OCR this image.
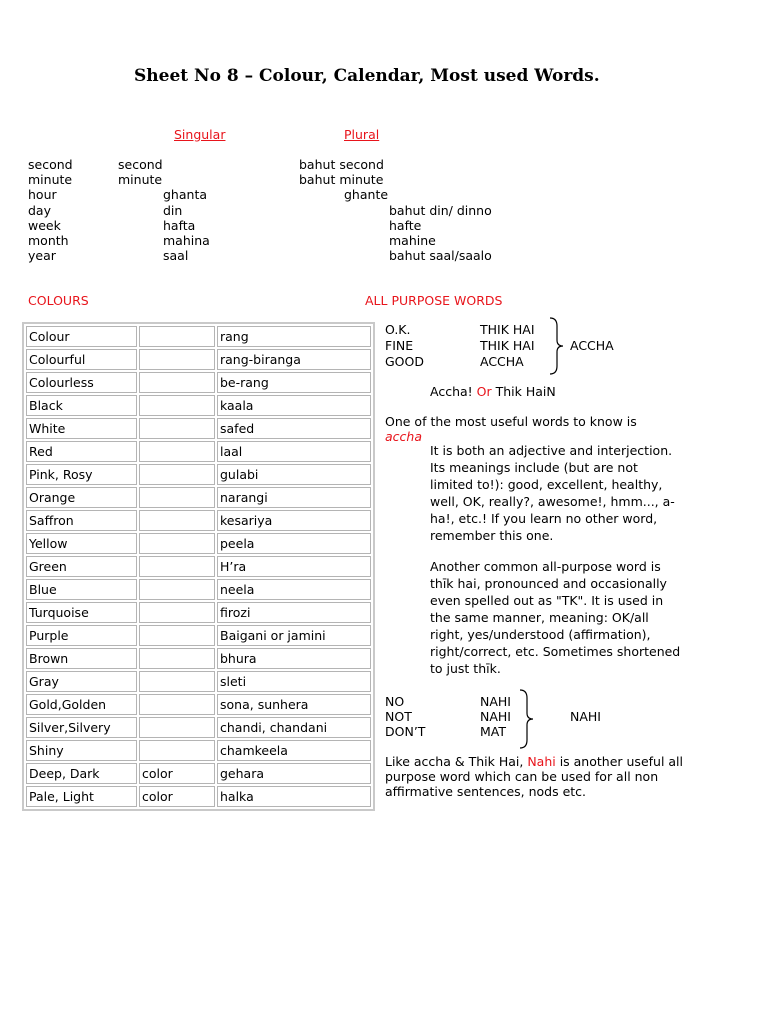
Sheet No 8 – Colour, Calendar, Most used Words.
Singular	Plural
second	second	bahut second
minute	minute	bahut minute
hour	ghanta	ghante
day	din	bahut din/ dinno
week	hafta	hafte
month	mahina	mahine
year	saal	bahut saal/saalo
COLOURS	ALL PURPOSE WORDS
Colour		rang
Colourful		rang-biranga
Colourless		be-rang
Black		kaala
White		safed
Red		laal
Pink, Rosy		gulabi
Orange		narangi
Saffron		kesariya
Yellow		peela
Green		H’ra
Blue		neela
Turquoise		firozi
Purple		Baigani or jamini
Brown		bhura
Gray		sleti
Gold,Golden		sona, sunhera
Silver,Silvery		chandi, chandani
Shiny		chamkeela
Deep, Dark	color	gehara
Pale, Light	color	halka
O.K.	THIK HAI
FINE	THIK HAI
GOOD	ACCHA
ACCHA
Accha! Or Thik HaiN
One of the most useful words to know is
accha
It is both an adjective and interjection. Its meanings include (but are not limited to!): good, excellent, healthy, well, OK, really?, awesome!, hmm..., a-ha!, etc.! If you learn no other word, remember this one.
Another common all-purpose word is thīk hai, pronounced and occasionally even spelled out as "TK". It is used in the same manner, meaning: OK/all right, yes/understood (affirmation), right/correct, etc. Sometimes shortened to just thīk.
NO	NAHI
NOT	NAHI
DON’T	MAT
NAHI
Like accha & Thik Hai, Nahi is another useful all purpose word which can be used for all non affirmative sentences, nods etc.
